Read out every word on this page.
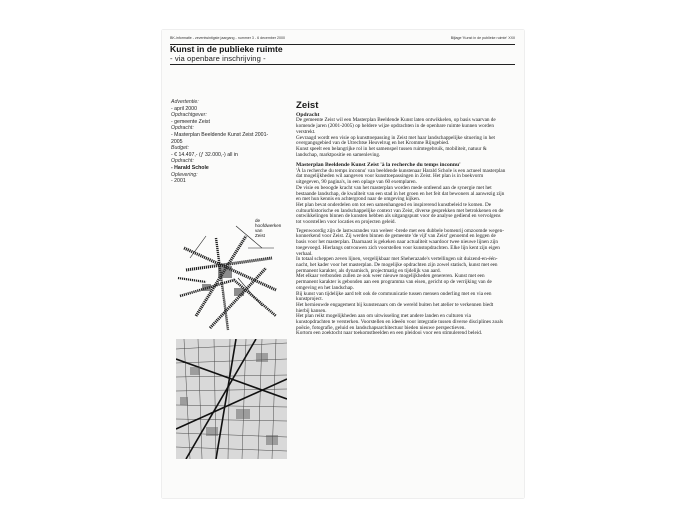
BK-informatie - zeventwintigste jaargang - nummer 3 - 6 december 2000	Bijlage 'Kunst in de publieke ruimte' XXII
Kunst in de publieke ruimte
- via openbare inschrijving -
Advertentie:
- april 2000
Opdrachtgever:
- gemeente Zeist
Opdracht:
- Masterplan Beeldende Kunst Zeist 2001-2005
Budget:
- € 14.497,- (ƒ 32.000,-) all in
Opdracht:
- Harald Schole
Oplevering:
- 2001
de
hoofdwerken
van
Zeist
Zeist
Opdracht

De gemeente Zeist wil een Masterplan Beeldende Kunst laten ontwikkelen, op basis waarvan de komende jaren (2001-2005) op heldere wijze opdrachten in de openbare ruimte kunnen worden verstrekt.

Gevraagd wordt een visie op kunsttoepassing in Zeist met haar landschappelijke situering in het overgangsgebied van de Utrechtse Heuvelrug en het Kromme Rijngebied.

Kunst speelt een belangrijke rol in het samenspel tussen ruimtegebruik, mobiliteit, natuur & landschap, marktpositie en samenleving.

Masterplan Beeldende Kunst Zeist 'à la recherche du temps inconnu'

'À la recherche du temps inconnu' van beeldende kunstenaar Harald Schole is een actueel masterplan dat mogelijkheden wil aangeven voor kunsttoepassingen in Zeist. Het plan is in boekvorm uitgegeven, 90 pagina's, in een oplage van 60 exemplaren.

De visie en beoogde kracht van het masterplan worden mede ontleend aan de synergie met het bestaande landschap, de kwaliteit van een stad in het groen en het feit dat bewoners al aanwezig zijn en met hun kennis en achtergrond naar de omgeving kijken.

Het plan bevat onderdelen om tot een samenhangend en inspirerend kunstbeleid te komen. De cultuurhistorische en landschappelijke context van Zeist, diverse gesprekken met betrokkenen en de ontwikkelingen binnen de kunsten hebben als uitgangspunt voor de analyse gediend en vervolgens tot voorstellen voor locaties en projecten geleid.

Tegenwoordig zijn de lastwarandes van weleer -brede met een dubbele bomenrij omzoomde wegen- konnerkend voor Zeist. Zij werden binnen de gemeente 'de vijf van Zeist' genoemd en leggen de basis voor het masterplan. Daarnaast is gekeken naar actualiteit waardoor twee nieuwe lijnen zijn toegevoegd. Hierlangs ontvouwen zich voorstellen voor kunstopdrachten. Elke lijn kent zijn eigen verhaal.

In totaal scheppen zeven lijnen, vergelijkbaar met Sheherazade's vertellingen uit duizend-en-één-nacht, het kader voor het masterplan. De mogelijke opdrachten zijn zowel statisch, kunst met een permanent karakter, als dynamisch, projectmatig en tijdelijk van aard.

Met elkaar verbonden zullen ze ook weer nieuwe mogelijkheden genereren. Kunst met een permanent karakter is gebonden aan een programma van eisen, gericht op de verrijking van de omgeving en het landschap.

Bij kunst van tijdelijke aard telt ook de communicatie tussen mensen onderling met en via een kunstproject.

Het hernieuwde engagement bij kunstenaars om de wereld buiten het atelier te verkennen biedt hierbij kansen.

Het plan reikt mogelijkheden aan om uitwisseling met andere landen en culturen via kunstopdrachten te versterken. Voorstellen en ideeën voor integratie tussen diverse disciplines zoals poëzie, fotografie, geluid en landschapsarchitectuur bieden nieuwe perspectieven.

Kortom een zoektocht naar toekomstbeelden en een pleidooi voor een stimulerend beleid.
